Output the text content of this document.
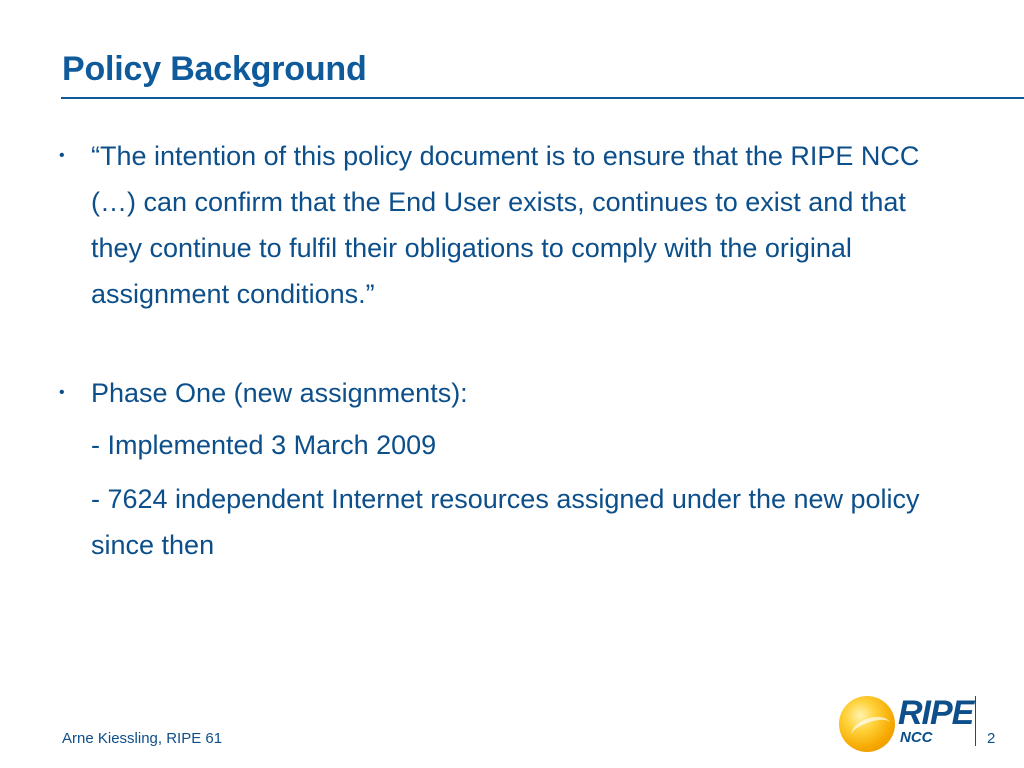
Policy Background
• “The intention of this policy document is to ensure that the RIPE NCC (…) can confirm that the End User exists, continues to exist and that they continue to fulfil their obligations to comply with the original assignment conditions.”
• Phase One (new assignments):
- Implemented 3 March 2009
- 7624 independent Internet resources assigned under the new policy since then
Arne Kiessling, RIPE 61
RIPE
NCC	2
